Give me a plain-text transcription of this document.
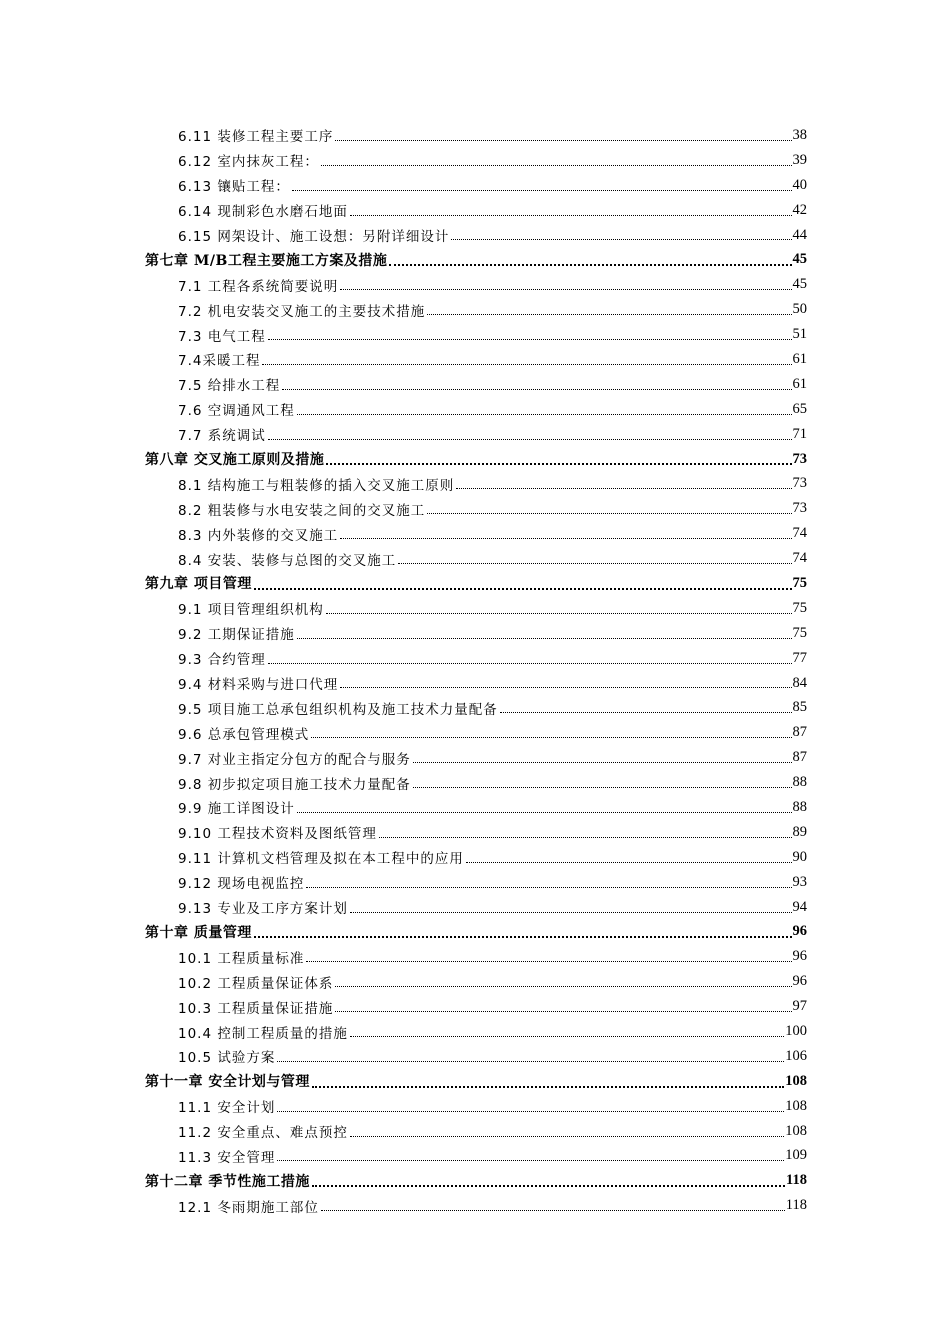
6.11 装修工程主要工序	38
6.12 室内抹灰工程：	39
6.13 镶贴工程：	40
6.14 现制彩色水磨石地面	42
6.15 网架设计、施工设想：另附详细设计	44
第七章 M/B工程主要施工方案及措施	45
7.1 工程各系统简要说明	45
7.2 机电安装交叉施工的主要技术措施	50
7.3 电气工程	51
7.4采暖工程	61
7.5 给排水工程	61
7.6 空调通风工程	65
7.7 系统调试	71
第八章 交叉施工原则及措施	73
8.1 结构施工与粗装修的插入交叉施工原则	73
8.2 粗装修与水电安装之间的交叉施工	73
8.3 内外装修的交叉施工	74
8.4 安装、装修与总图的交叉施工	74
第九章 项目管理	75
9.1 项目管理组织机构	75
9.2 工期保证措施	75
9.3 合约管理	77
9.4 材料采购与进口代理	84
9.5 项目施工总承包组织机构及施工技术力量配备	85
9.6 总承包管理模式	87
9.7 对业主指定分包方的配合与服务	87
9.8 初步拟定项目施工技术力量配备	88
9.9 施工详图设计	88
9.10 工程技术资料及图纸管理	89
9.11 计算机文档管理及拟在本工程中的应用	90
9.12 现场电视监控	93
9.13 专业及工序方案计划	94
第十章 质量管理	96
10.1 工程质量标准	96
10.2 工程质量保证体系	96
10.3 工程质量保证措施	97
10.4 控制工程质量的措施	100
10.5 试验方案	106
第十一章 安全计划与管理	108
11.1 安全计划	108
11.2 安全重点、难点预控	108
11.3 安全管理	109
第十二章 季节性施工措施	118
12.1 冬雨期施工部位	118
